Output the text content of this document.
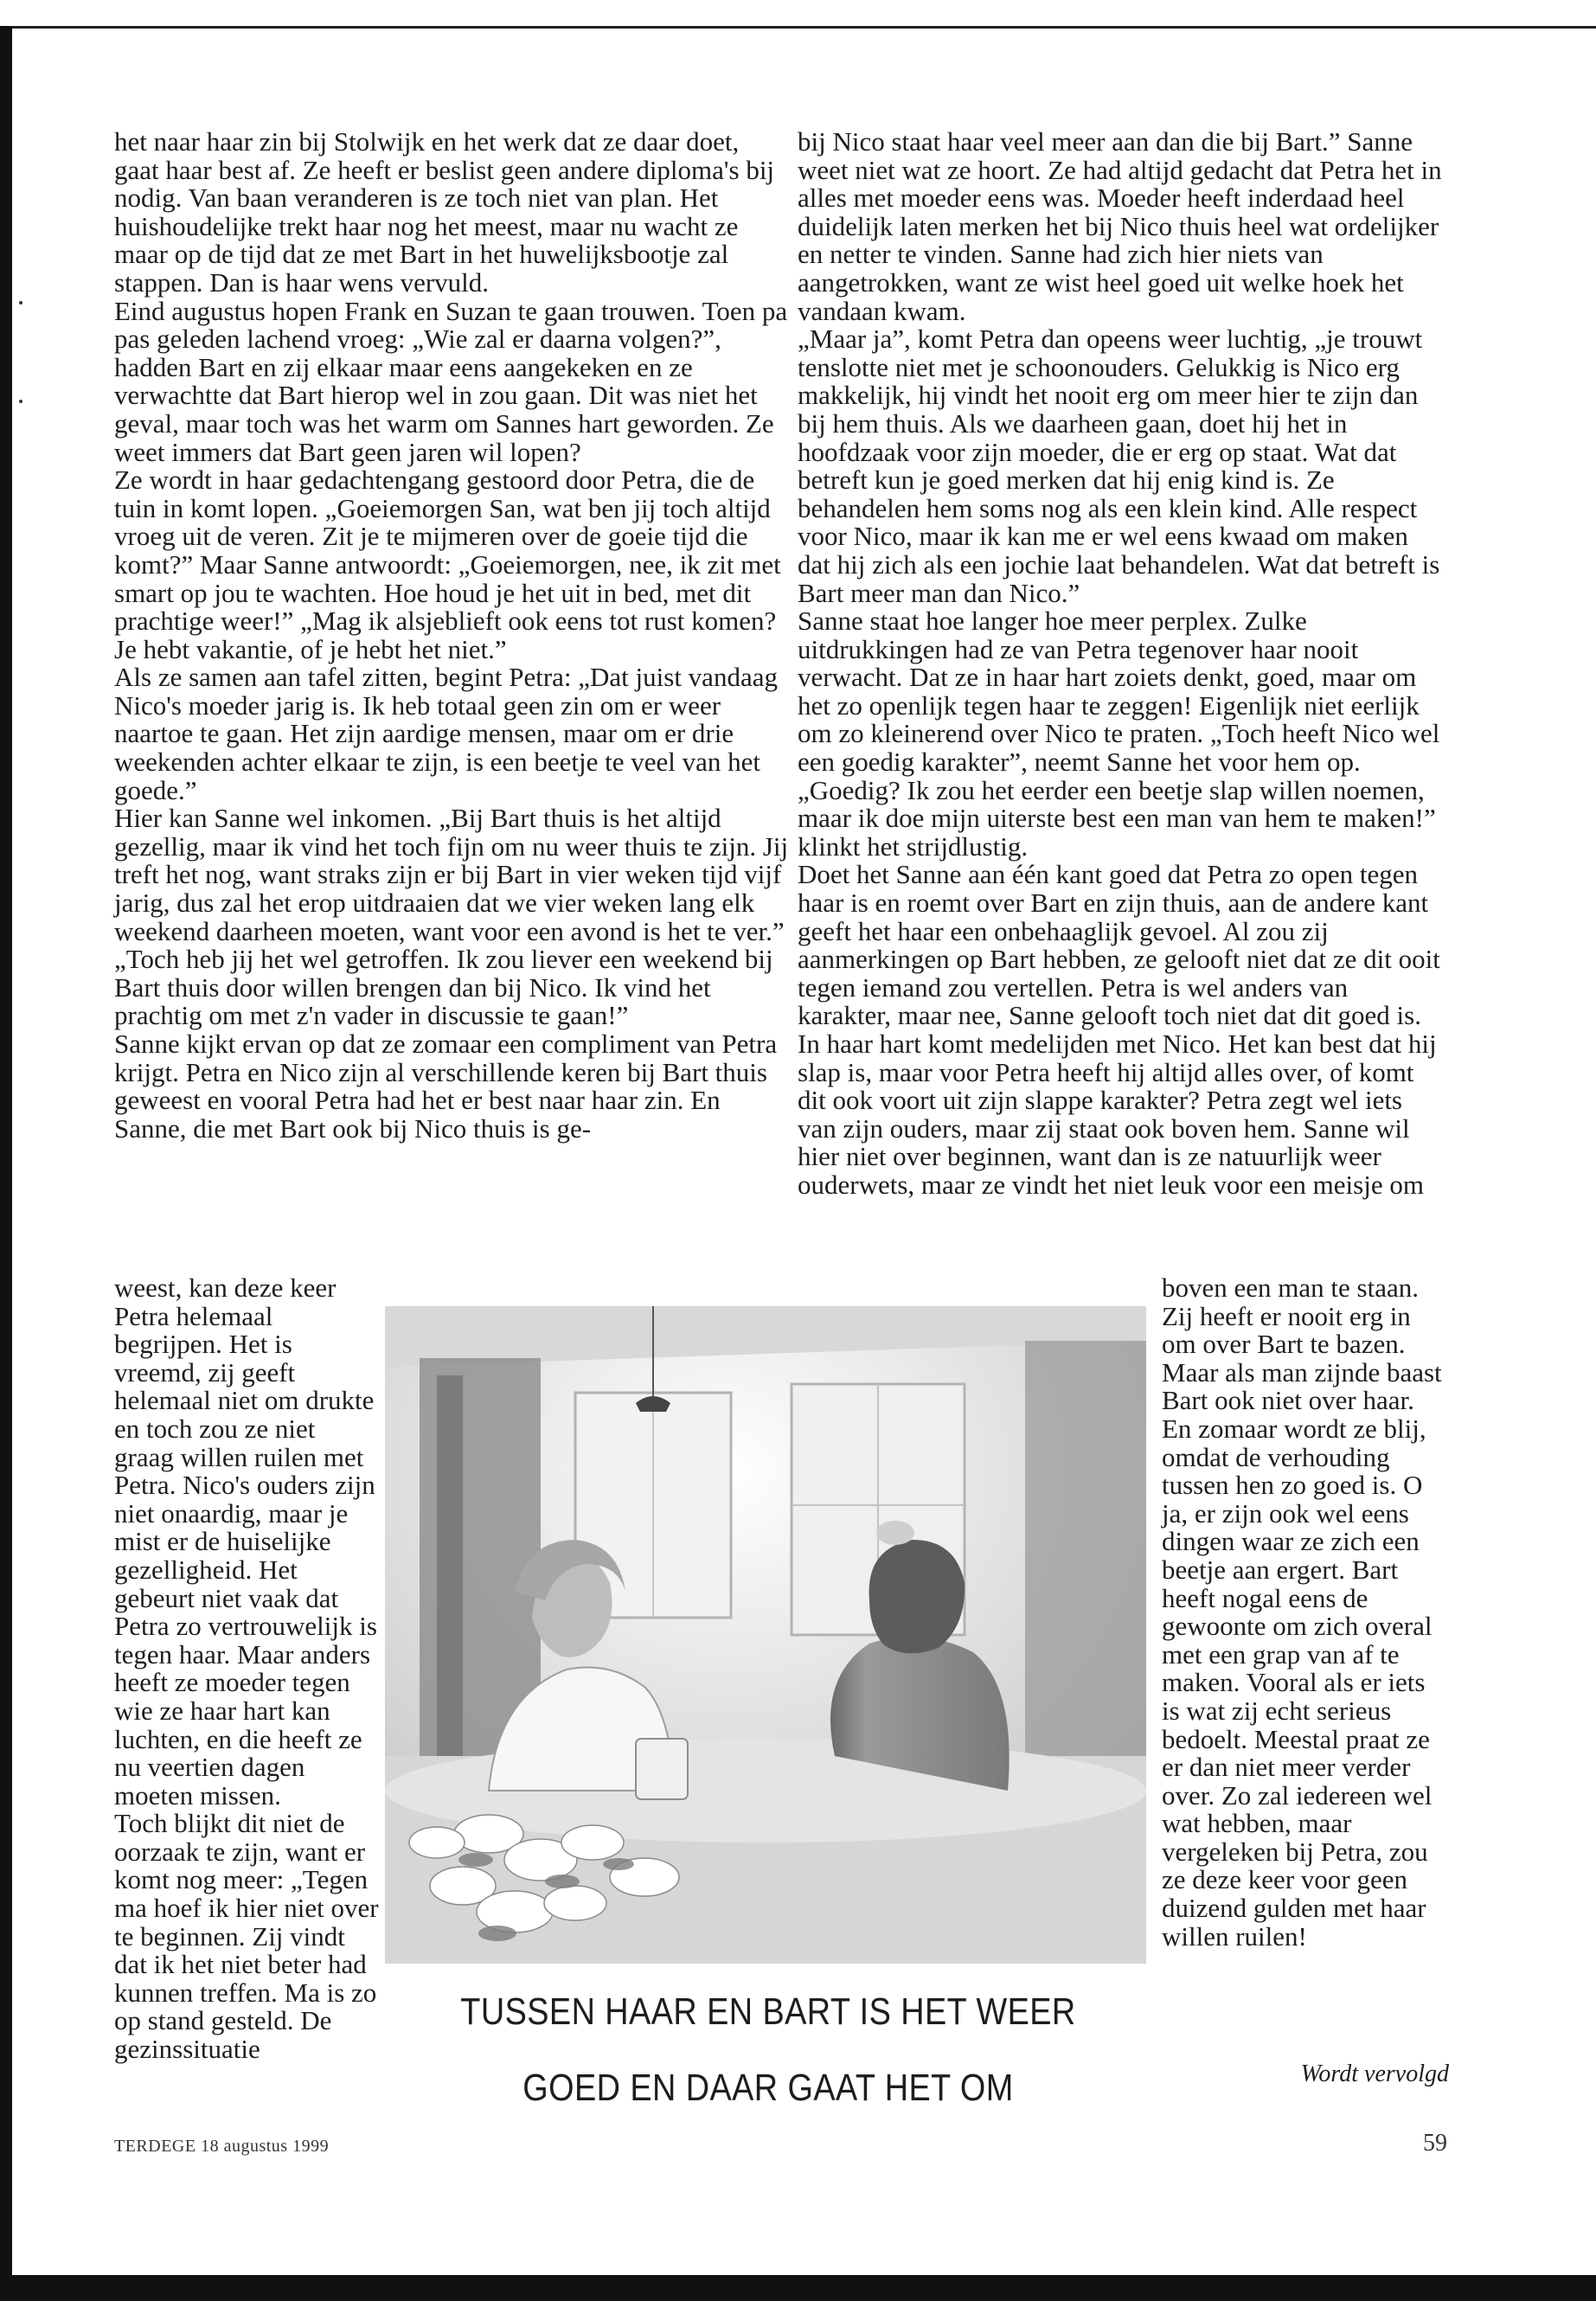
het naar haar zin bij Stolwijk en het werk dat ze daar doet, gaat haar best af. Ze heeft er beslist geen andere diploma's bij nodig. Van baan veranderen is ze toch niet van plan. Het huishoudelijke trekt haar nog het meest, maar nu wacht ze maar op de tijd dat ze met Bart in het huwelijksbootje zal stappen. Dan is haar wens vervuld.
Eind augustus hopen Frank en Suzan te gaan trouwen. Toen pa pas geleden lachend vroeg: „Wie zal er daarna volgen?”, hadden Bart en zij elkaar maar eens aangekeken en ze verwachtte dat Bart hierop wel in zou gaan. Dit was niet het geval, maar toch was het warm om Sannes hart geworden. Ze weet immers dat Bart geen jaren wil lopen?
Ze wordt in haar gedachtengang gestoord door Petra, die de tuin in komt lopen. „Goeiemorgen San, wat ben jij toch altijd vroeg uit de veren. Zit je te mijmeren over de goeie tijd die komt?” Maar Sanne antwoordt: „Goeiemorgen, nee, ik zit met smart op jou te wachten. Hoe houd je het uit in bed, met dit prachtige weer!” „Mag ik alsjeblieft ook eens tot rust komen? Je hebt vakantie, of je hebt het niet.”
Als ze samen aan tafel zitten, begint Petra: „Dat juist vandaag Nico's moeder jarig is. Ik heb totaal geen zin om er weer naartoe te gaan. Het zijn aardige mensen, maar om er drie weekenden achter elkaar te zijn, is een beetje te veel van het goede.”
Hier kan Sanne wel inkomen. „Bij Bart thuis is het altijd gezellig, maar ik vind het toch fijn om nu weer thuis te zijn. Jij treft het nog, want straks zijn er bij Bart in vier weken tijd vijf jarig, dus zal het erop uitdraaien dat we vier weken lang elk weekend daarheen moeten, want voor een avond is het te ver.” „Toch heb jij het wel getroffen. Ik zou liever een weekend bij Bart thuis door willen brengen dan bij Nico. Ik vind het prachtig om met z'n vader in discussie te gaan!”
Sanne kijkt ervan op dat ze zomaar een compliment van Petra krijgt. Petra en Nico zijn al verschillende keren bij Bart thuis geweest en vooral Petra had het er best naar haar zin. En Sanne, die met Bart ook bij Nico thuis is ge-

bij Nico staat haar veel meer aan dan die bij Bart.” Sanne weet niet wat ze hoort. Ze had altijd gedacht dat Petra het in alles met moeder eens was. Moeder heeft inderdaad heel duidelijk laten merken het bij Nico thuis heel wat ordelijker en netter te vinden. Sanne had zich hier niets van aangetrokken, want ze wist heel goed uit welke hoek het vandaan kwam.
„Maar ja”, komt Petra dan opeens weer luchtig, „je trouwt tenslotte niet met je schoonouders. Gelukkig is Nico erg makkelijk, hij vindt het nooit erg om meer hier te zijn dan bij hem thuis. Als we daarheen gaan, doet hij het in hoofdzaak voor zijn moeder, die er erg op staat. Wat dat betreft kun je goed merken dat hij enig kind is. Ze behandelen hem soms nog als een klein kind. Alle respect voor Nico, maar ik kan me er wel eens kwaad om maken dat hij zich als een jochie laat behandelen. Wat dat betreft is Bart meer man dan Nico.”
Sanne staat hoe langer hoe meer perplex. Zulke uitdrukkingen had ze van Petra tegenover haar nooit verwacht. Dat ze in haar hart zoiets denkt, goed, maar om het zo openlijk tegen haar te zeggen! Eigenlijk niet eerlijk om zo kleinerend over Nico te praten. „Toch heeft Nico wel een goedig karakter”, neemt Sanne het voor hem op.
„Goedig? Ik zou het eerder een beetje slap willen noemen, maar ik doe mijn uiterste best een man van hem te maken!” klinkt het strijdlustig.
Doet het Sanne aan één kant goed dat Petra zo open tegen haar is en roemt over Bart en zijn thuis, aan de andere kant geeft het haar een onbehaaglijk gevoel. Al zou zij aanmerkingen op Bart hebben, ze gelooft niet dat ze dit ooit tegen iemand zou vertellen. Petra is wel anders van karakter, maar nee, Sanne gelooft toch niet dat dit goed is. In haar hart komt medelijden met Nico. Het kan best dat hij slap is, maar voor Petra heeft hij altijd alles over, of komt dit ook voort uit zijn slappe karakter? Petra zegt wel iets van zijn ouders, maar zij staat ook boven hem. Sanne wil hier niet over beginnen, want dan is ze natuurlijk weer ouderwets, maar ze vindt het niet leuk voor een meisje om

weest, kan deze keer Petra helemaal begrijpen. Het is vreemd, zij geeft helemaal niet om drukte en toch zou ze niet graag willen ruilen met Petra. Nico's ouders zijn niet onaardig, maar je mist er de huiselijke gezelligheid. Het gebeurt niet vaak dat Petra zo vertrouwelijk is tegen haar. Maar anders heeft ze moeder tegen wie ze haar hart kan luchten, en die heeft ze nu veertien dagen moeten missen.
Toch blijkt dit niet de oorzaak te zijn, want er komt nog meer: „Tegen ma hoef ik hier niet over te beginnen. Zij vindt dat ik het niet beter had kunnen treffen. Ma is zo op stand gesteld. De gezinssituatie

boven een man te staan. Zij heeft er nooit erg in om over Bart te bazen. Maar als man zijnde baast Bart ook niet over haar. En zomaar wordt ze blij, omdat de verhouding tussen hen zo goed is. O ja, er zijn ook wel eens dingen waar ze zich een beetje aan ergert. Bart heeft nogal eens de gewoonte om zich overal met een grap van af te maken. Vooral als er iets is wat zij echt serieus bedoelt. Meestal praat ze er dan niet meer verder over. Zo zal iedereen wel wat hebben, maar vergeleken bij Petra, zou ze deze keer voor geen duizend gulden met haar willen ruilen!

TUSSEN HAAR EN BART IS HET WEER
GOED EN DAAR GAAT HET OM	Wordt vervolgd
TERDEGE 18 augustus 1999	59
